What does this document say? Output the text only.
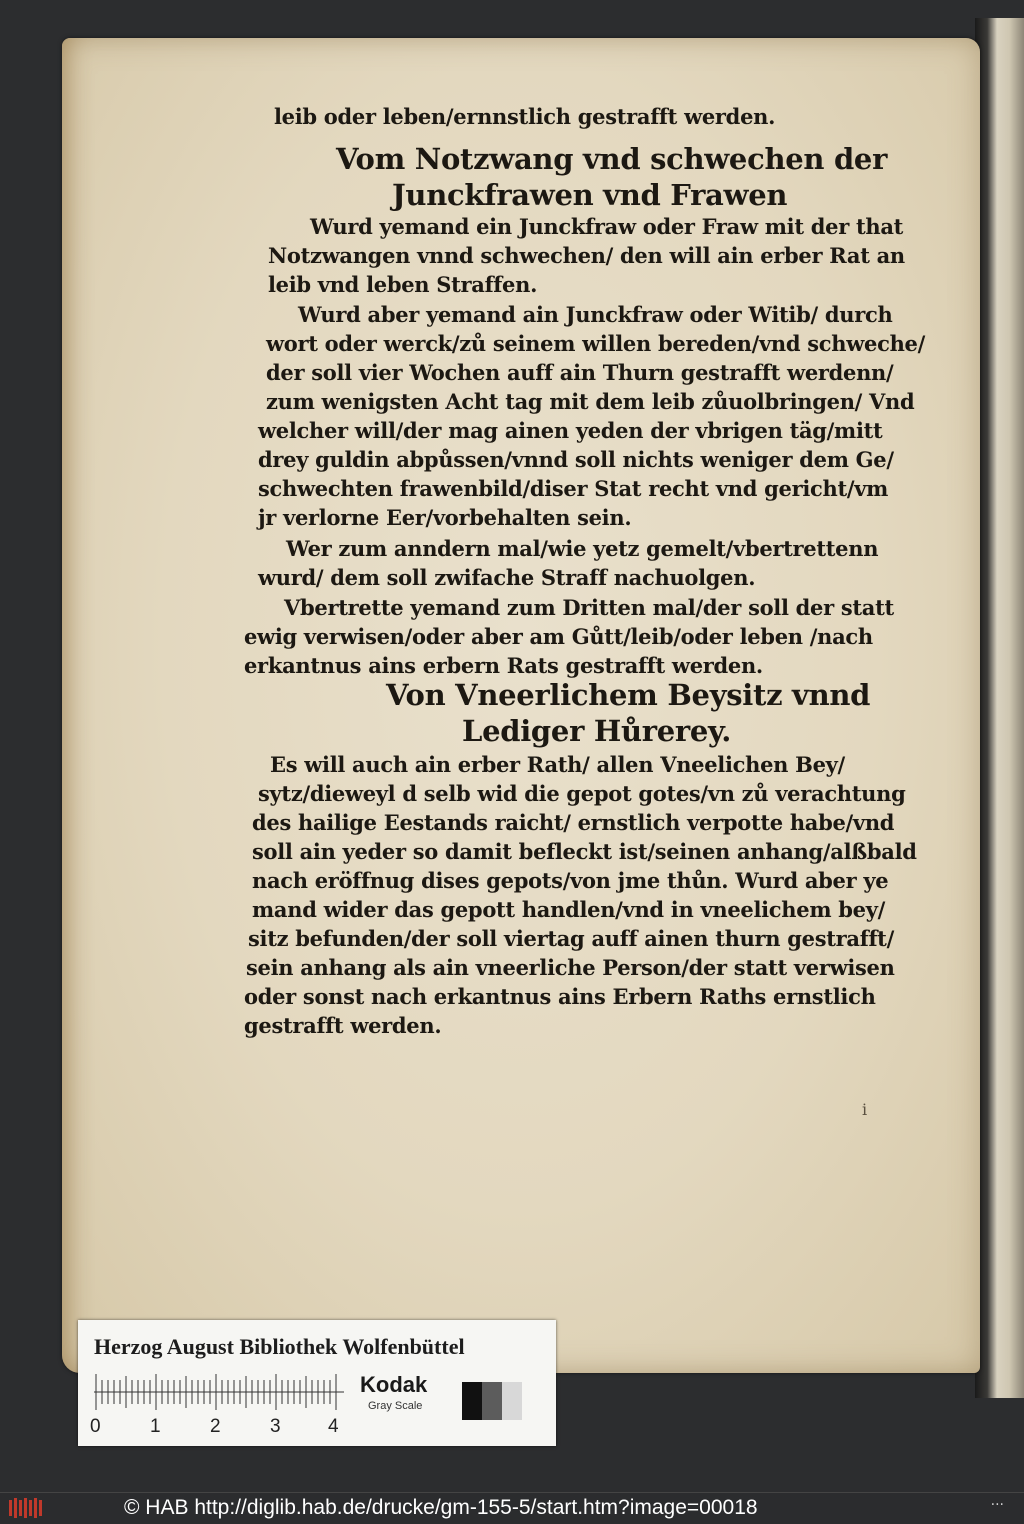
leib oder leben/ernnstlich gestrafft werden.
Vom Notzwang vnd schwechen der
Junckfrawen vnd Frawen
Wurd yemand ein Junckfraw oder Fraw mit der that
Notzwangen vnnd schwechen/ den will ain erber Rat an
leib vnd leben Straffen.
Wurd aber yemand ain Junckfraw oder Witib/ durch
wort oder werck/zů seinem willen bereden/vnd schweche/
der soll vier Wochen auff ain Thurn gestrafft werdenn/
zum wenigsten Acht tag mit dem leib zůuolbringen/ Vnd
welcher will/der mag ainen yeden der vbrigen täg/mitt
drey guldin abpůssen/vnnd soll nichts weniger dem Ge/
schwechten frawenbild/diser Stat recht vnd gericht/vm
jr verlorne Eer/vorbehalten sein.
Wer zum anndern mal/wie yetz gemelt/vbertrettenn
wurd/ dem soll zwifache Straff nachuolgen.
Vbertrette yemand zum Dritten mal/der soll der statt
ewig verwisen/oder aber am Gůtt/leib/oder leben /nach
erkantnus ains erbern Rats gestrafft werden.
Von Vneerlichem Beysitz vnnd
Lediger Hůrerey.
Es will auch ain erber Rath/ allen Vneelichen Bey/
sytz/dieweyl d selb wid die gepot gotes/vn zů verachtung
des hailige Eestands raicht/ ernstlich verpotte habe/vnd
soll ain yeder so damit befleckt ist/seinen anhang/alßbald
nach eröffnug dises gepots/von jme thůn. Wurd aber ye
mand wider das gepott handlen/vnd in vneelichem bey/
sitz befunden/der soll viertag auff ainen thurn gestrafft/
sein anhang als ain vneerliche Person/der statt verwisen
oder sonst nach erkantnus ains Erbern Raths ernstlich
gestrafft werden.
i
Herzog August Bibliothek Wolfenbüttel
0	1	2	3 4
Kodak
Gray Scale
© HAB http://diglib.hab.de/drucke/gm-155-5/start.htm?image=00018	···
